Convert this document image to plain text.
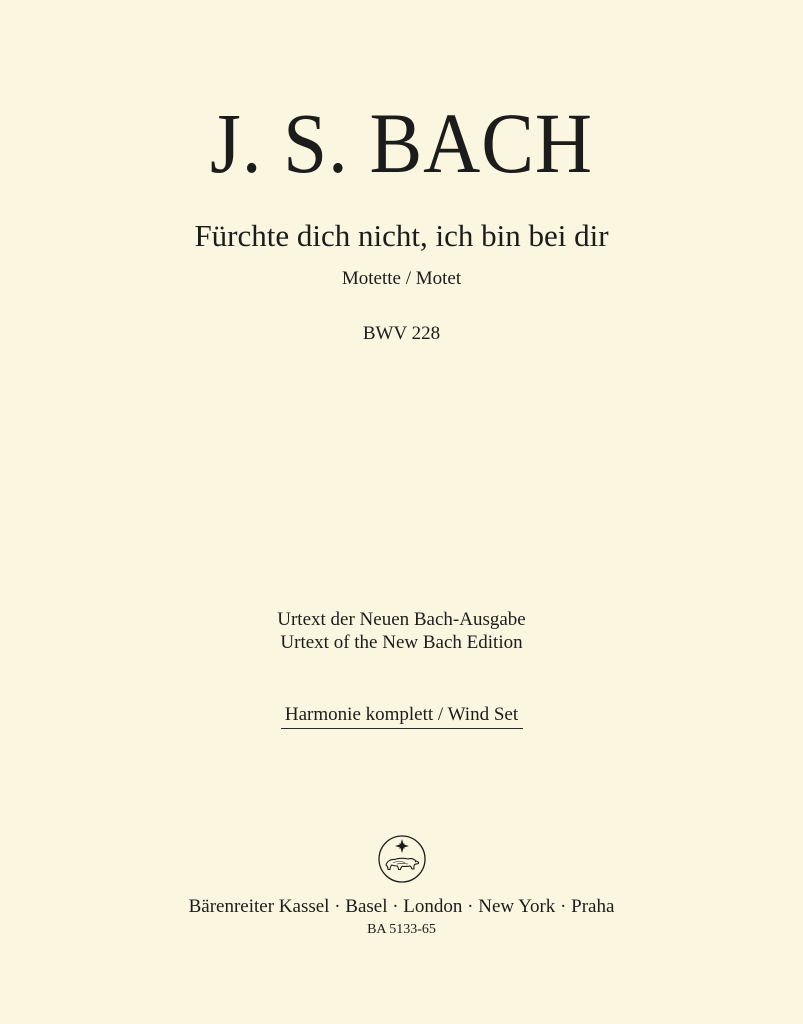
J. S. BACH
Fürchte dich nicht, ich bin bei dir
Motette / Motet
BWV 228
Urtext der Neuen Bach-Ausgabe
Urtext of the New Bach Edition
Harmonie komplett / Wind Set
Bärenreiter Kassel · Basel · London · New York · Praha
BA 5133-65
